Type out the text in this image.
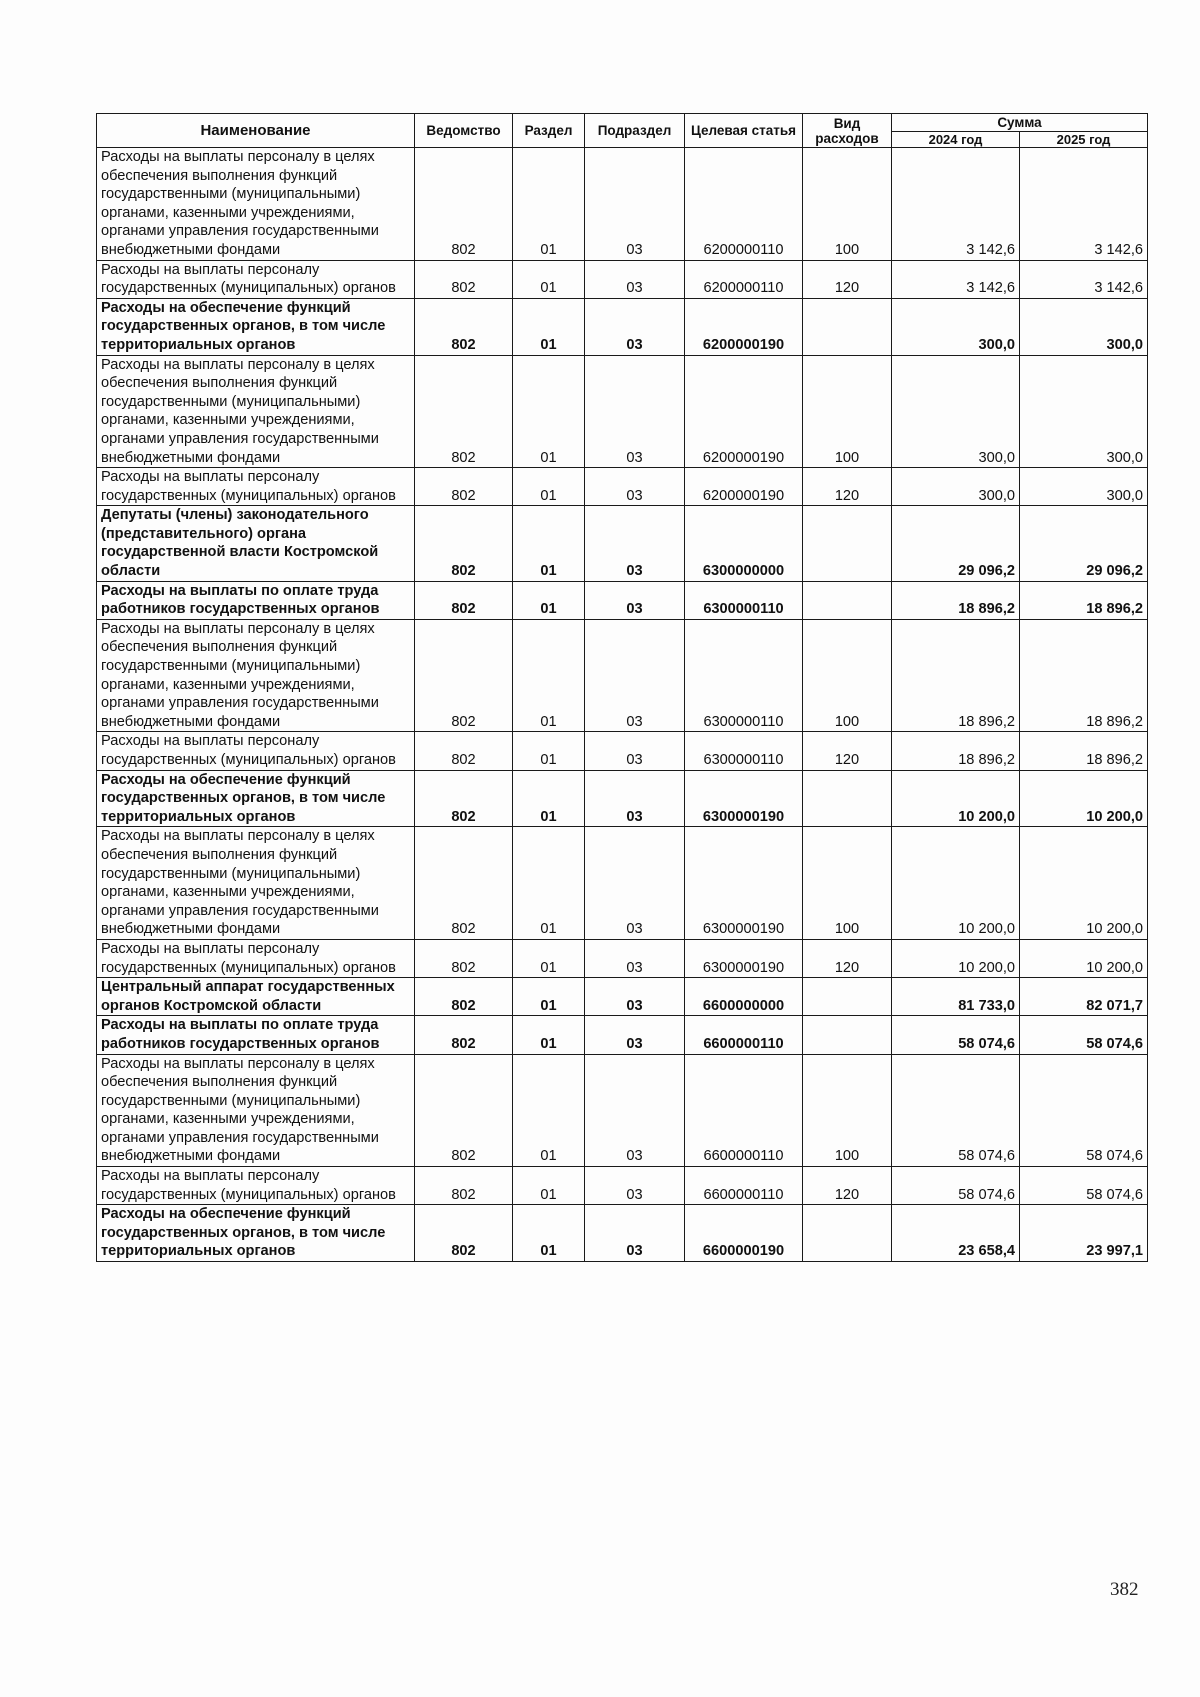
Наименование	Ведомство	Раздел	Подраздел	Целевая статья	Вид расходов	Сумма	
						2024 год	2025 год
Расходы на выплаты персоналу в целях обеспечения выполнения функций государственными (муниципальными) органами, казенными учреждениями, органами управления государственными внебюджетными фондами	802	01	03	6200000110	100	3 142,6	3 142,6
Расходы на выплаты персоналу государственных (муниципальных) органов	802	01	03	6200000110	120	3 142,6	3 142,6
Расходы на обеспечение функций государственных органов, в том числе территориальных органов	802	01	03	6200000190		300,0	300,0
Расходы на выплаты персоналу в целях обеспечения выполнения функций государственными (муниципальными) органами, казенными учреждениями, органами управления государственными внебюджетными фондами	802	01	03	6200000190	100	300,0	300,0
Расходы на выплаты персоналу государственных (муниципальных) органов	802	01	03	6200000190	120	300,0	300,0
Депутаты (члены) законодательного (представительного) органа государственной власти Костромской области	802	01	03	6300000000		29 096,2	29 096,2
Расходы на выплаты по оплате труда работников государственных органов	802	01	03	6300000110		18 896,2	18 896,2
Расходы на выплаты персоналу в целях обеспечения выполнения функций государственными (муниципальными) органами, казенными учреждениями, органами управления государственными внебюджетными фондами	802	01	03	6300000110	100	18 896,2	18 896,2
Расходы на выплаты персоналу государственных (муниципальных) органов	802	01	03	6300000110	120	18 896,2	18 896,2
Расходы на обеспечение функций государственных органов, в том числе территориальных органов	802	01	03	6300000190		10 200,0	10 200,0
Расходы на выплаты персоналу в целях обеспечения выполнения функций государственными (муниципальными) органами, казенными учреждениями, органами управления государственными внебюджетными фондами	802	01	03	6300000190	100	10 200,0	10 200,0
Расходы на выплаты персоналу государственных (муниципальных) органов	802	01	03	6300000190	120	10 200,0	10 200,0
Центральный аппарат государственных органов Костромской области	802	01	03	6600000000		81 733,0	82 071,7
Расходы на выплаты по оплате труда работников государственных органов	802	01	03	6600000110		58 074,6	58 074,6
Расходы на выплаты персоналу в целях обеспечения выполнения функций государственными (муниципальными) органами, казенными учреждениями, органами управления государственными внебюджетными фондами	802	01	03	6600000110	100	58 074,6	58 074,6
Расходы на выплаты персоналу государственных (муниципальных) органов	802	01	03	6600000110	120	58 074,6	58 074,6
Расходы на обеспечение функций государственных органов, в том числе территориальных органов	802	01	03	6600000190		23 658,4	23 997,1
382
